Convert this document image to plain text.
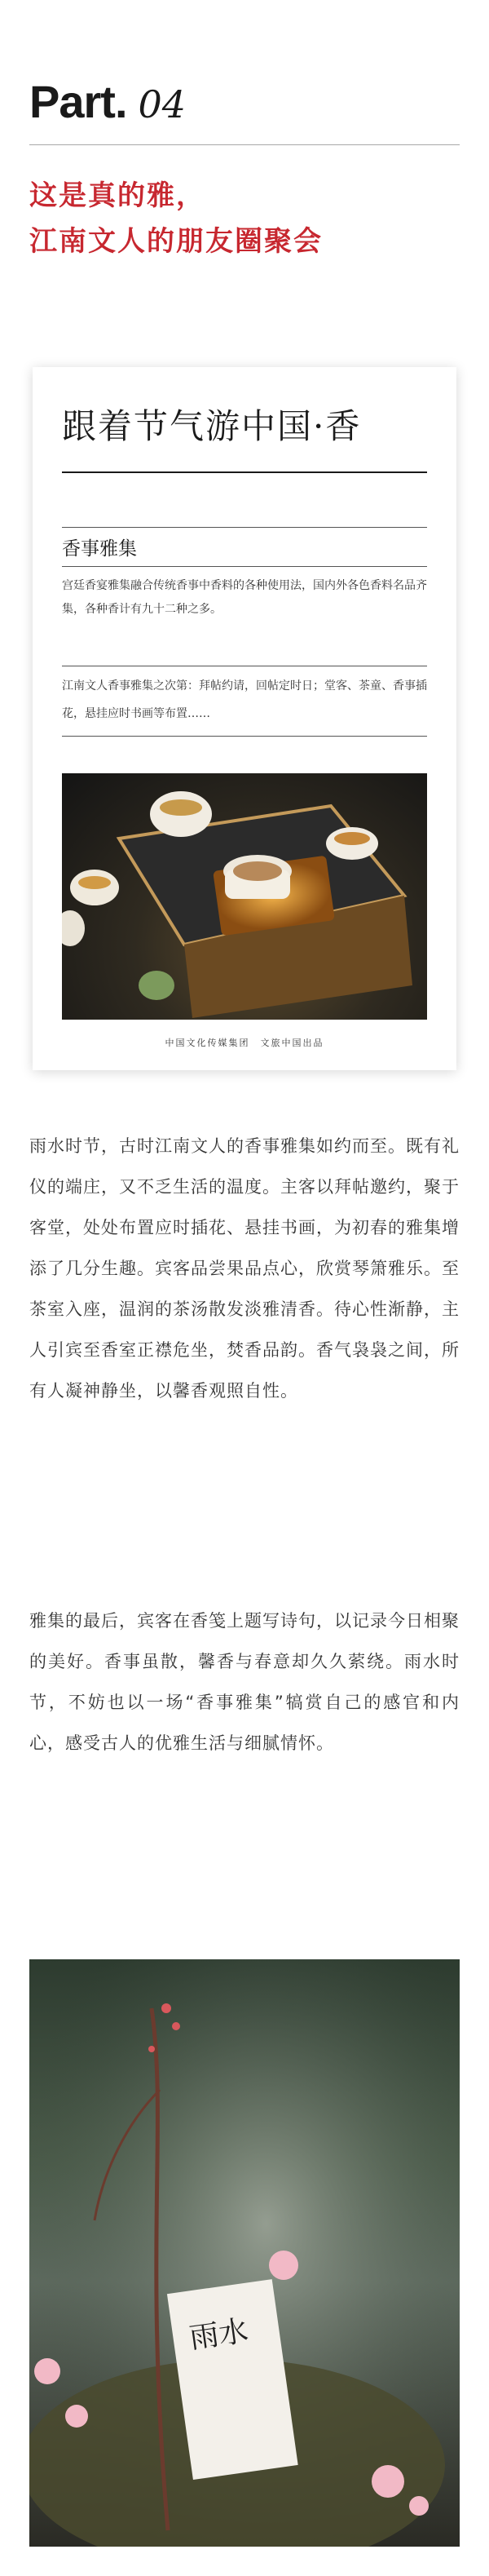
Part. 04
这是真的雅，
江南文人的朋友圈聚会
跟着节气游中国·香
香事雅集
宫廷香宴雅集融合传统香事中香料的各种使用法，国内外各色香料名品齐集，各种香计有九十二种之多。
江南文人香事雅集之次第：拜帖约请，回帖定时日；堂客、茶童、香事插花，悬挂应时书画等布置……
中国文化传媒集团　文旅中国出品
雨水时节，古时江南文人的香事雅集如约而至。既有礼仪的端庄，又不乏生活的温度。主客以拜帖邀约，聚于客堂，处处布置应时插花、悬挂书画，为初春的雅集增添了几分生趣。宾客品尝果品点心，欣赏琴箫雅乐。至茶室入座，温润的茶汤散发淡雅清香。待心性渐静，主人引宾至香室正襟危坐，焚香品韵。香气袅袅之间，所有人凝神静坐，以馨香观照自性。
雅集的最后，宾客在香笺上题写诗句，以记录今日相聚的美好。香事虽散，馨香与春意却久久萦绕。雨水时节，不妨也以一场“香事雅集”犒赏自己的感官和内心，感受古人的优雅生活与细腻情怀。
雨水
